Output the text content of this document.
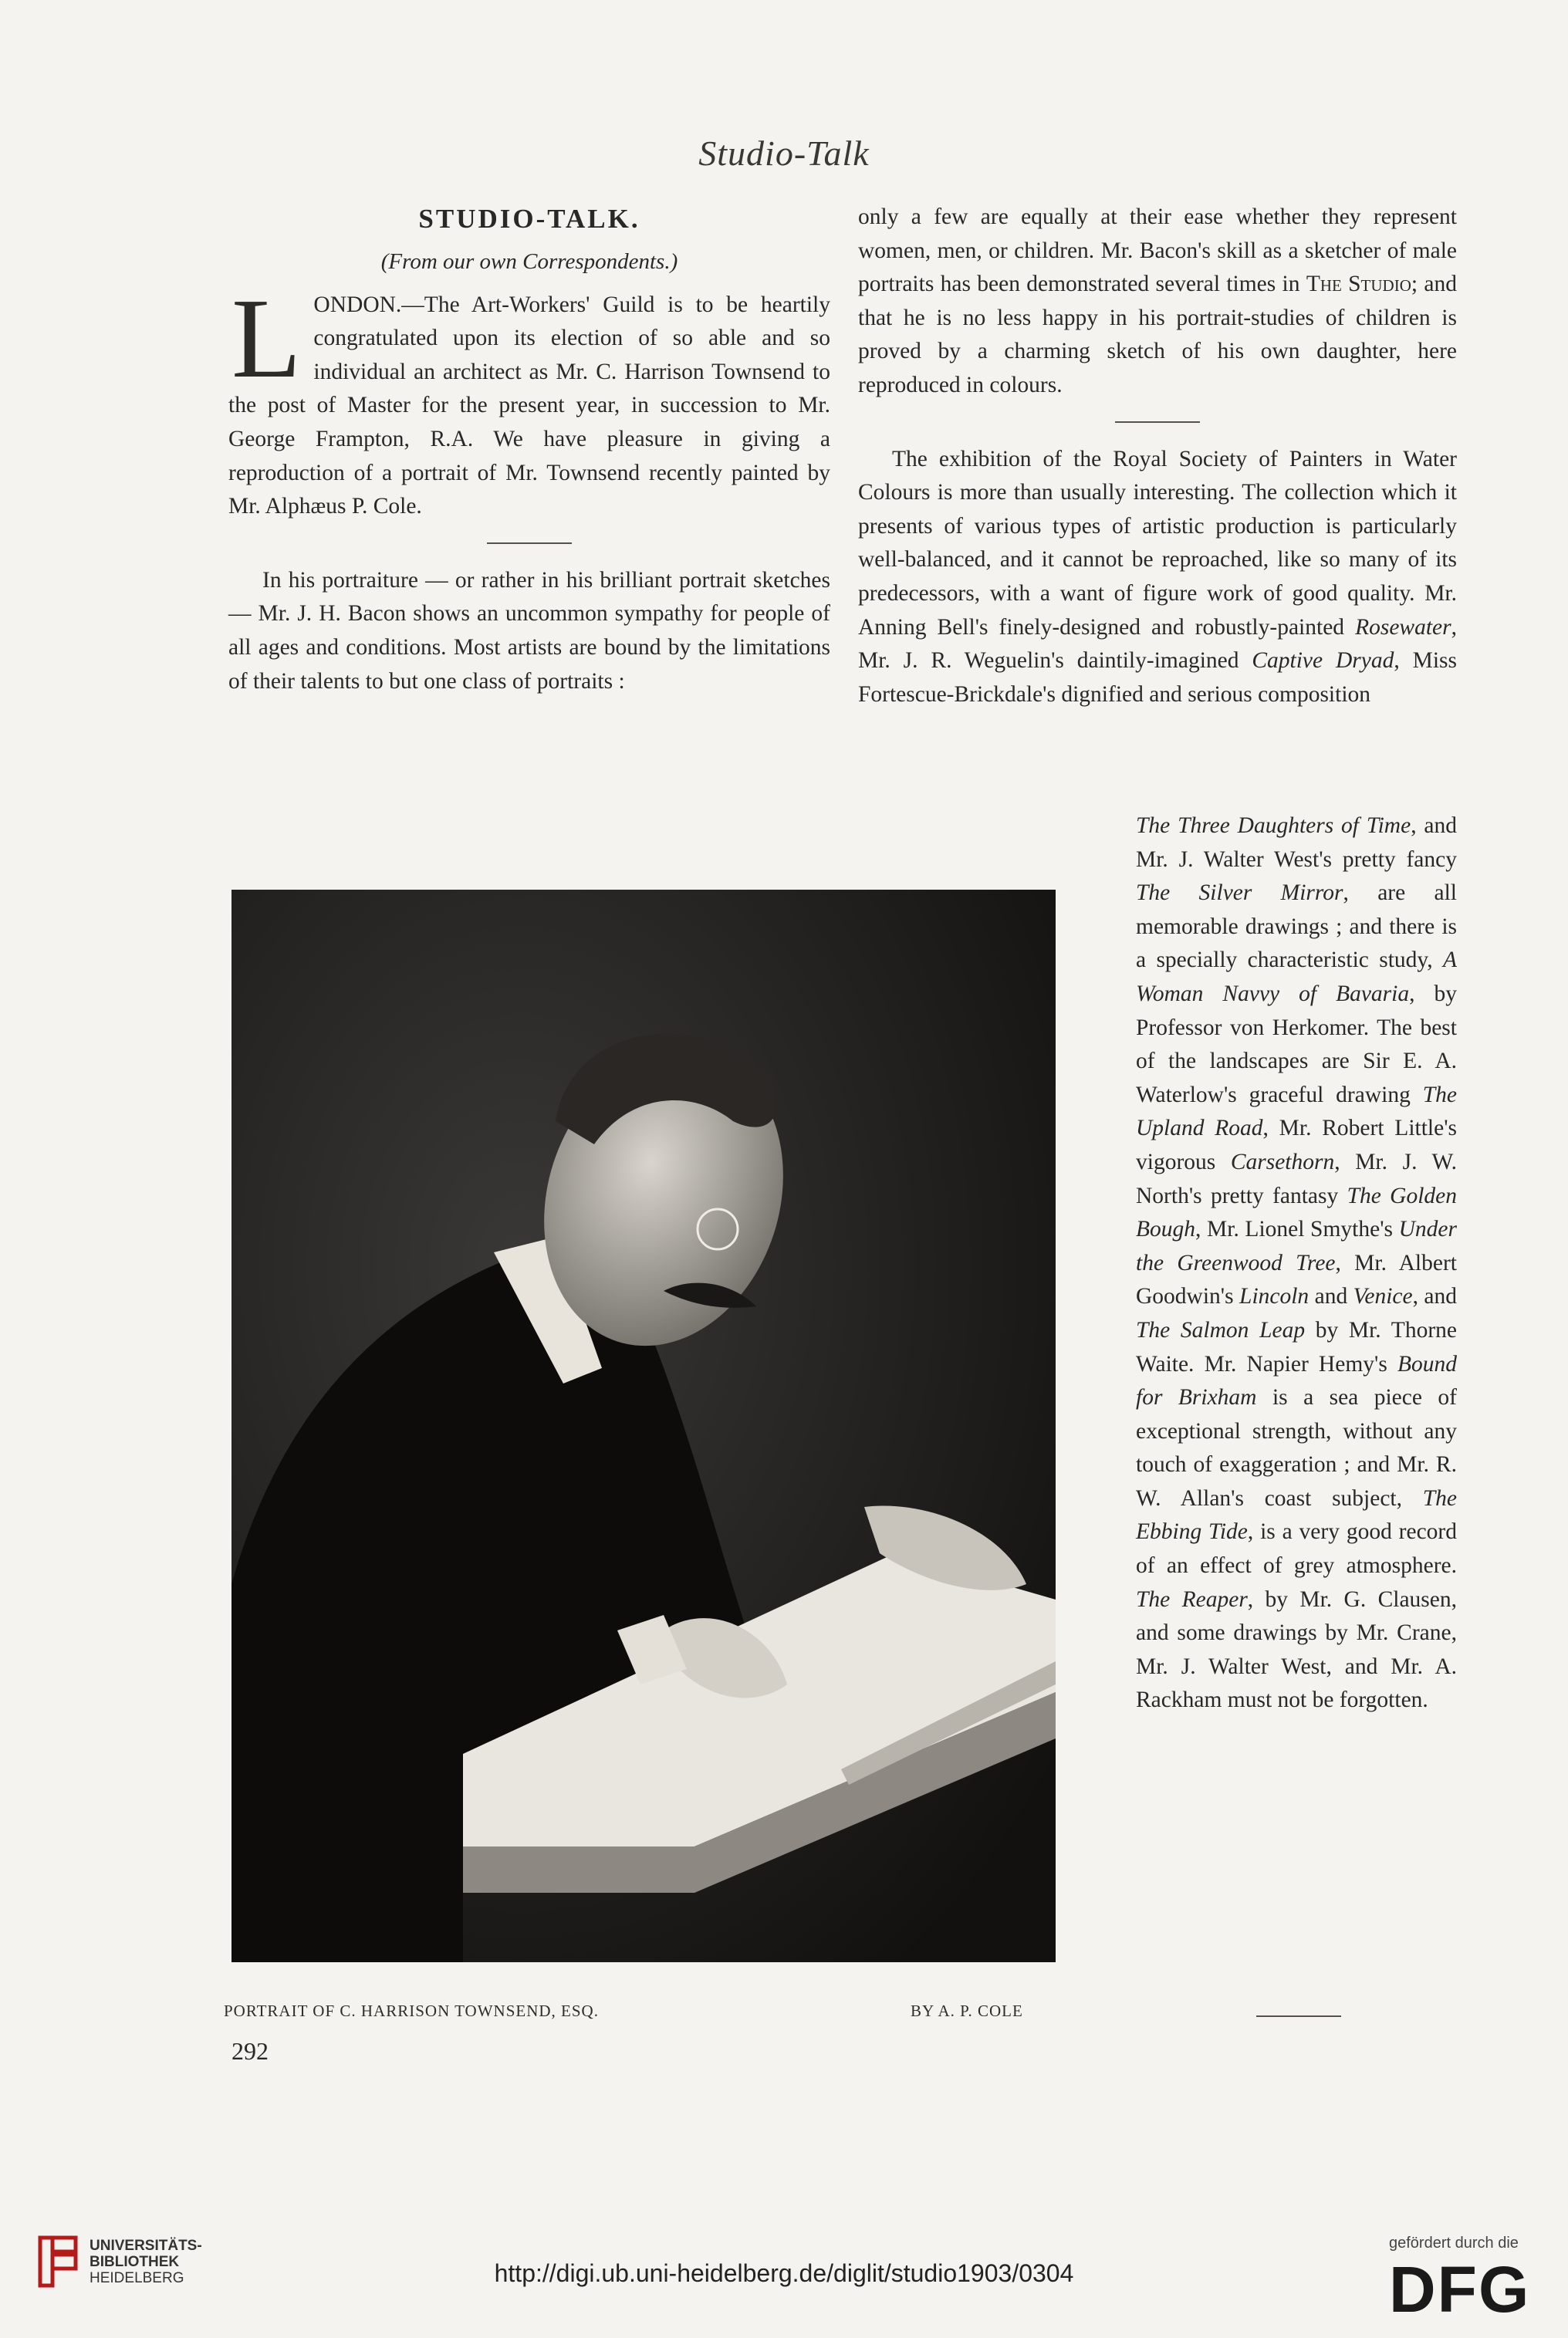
Studio-Talk
STUDIO-TALK.
(From our own Correspondents.)

LONDON.—The Art-Workers' Guild is to be heartily congratulated upon its election of so able and so individual an architect as Mr. C. Harrison Townsend to the post of Master for the present year, in succession to Mr. George Frampton, R.A. We have pleasure in giving a reproduction of a portrait of Mr. Townsend recently painted by Mr. Alphæus P. Cole.

In his portraiture — or rather in his brilliant portrait sketches — Mr. J. H. Bacon shows an uncommon sympathy for people of all ages and conditions. Most artists are bound by the limitations of their talents to but one class of portraits :

only a few are equally at their ease whether they represent women, men, or children. Mr. Bacon's skill as a sketcher of male portraits has been demonstrated several times in The Studio; and that he is no less happy in his portrait-studies of children is proved by a charming sketch of his own daughter, here reproduced in colours.

The exhibition of the Royal Society of Painters in Water Colours is more than usually interesting. The collection which it presents of various types of artistic production is particularly well-balanced, and it cannot be reproached, like so many of its predecessors, with a want of figure work of good quality. Mr. Anning Bell's finely-designed and robustly-painted Rosewater, Mr. J. R. Weguelin's daintily-imagined Captive Dryad, Miss Fortescue-Brickdale's dignified and serious composition

The Three Daughters of Time, and Mr. J. Walter West's pretty fancy The Silver Mirror, are all memorable drawings ; and there is a specially characteristic study, A Woman Navvy of Bavaria, by Professor von Herkomer. The best of the landscapes are Sir E. A. Waterlow's graceful drawing The Upland Road, Mr. Robert Little's vigorous Carsethorn, Mr. J. W. North's pretty fantasy The Golden Bough, Mr. Lionel Smythe's Under the Greenwood Tree, Mr. Albert Goodwin's Lincoln and Venice, and The Salmon Leap by Mr. Thorne Waite. Mr. Napier Hemy's Bound for Brixham is a sea piece of exceptional strength, without any touch of exaggeration ; and Mr. R. W. Allan's coast subject, The Ebbing Tide, is a very good record of an effect of grey atmosphere. The Reaper, by Mr. G. Clausen, and some drawings by Mr. Crane, Mr. J. Walter West, and Mr. A. Rackham must not be forgotten.

PORTRAIT OF C. HARRISON TOWNSEND, ESQ.	BY A. P. COLE
292
UNIVERSITÄTS-
BIBLIOTHEK
HEIDELBERG	http://digi.ub.uni-heidelberg.de/diglit/studio1903/0304
gefördert durch die
DFG
